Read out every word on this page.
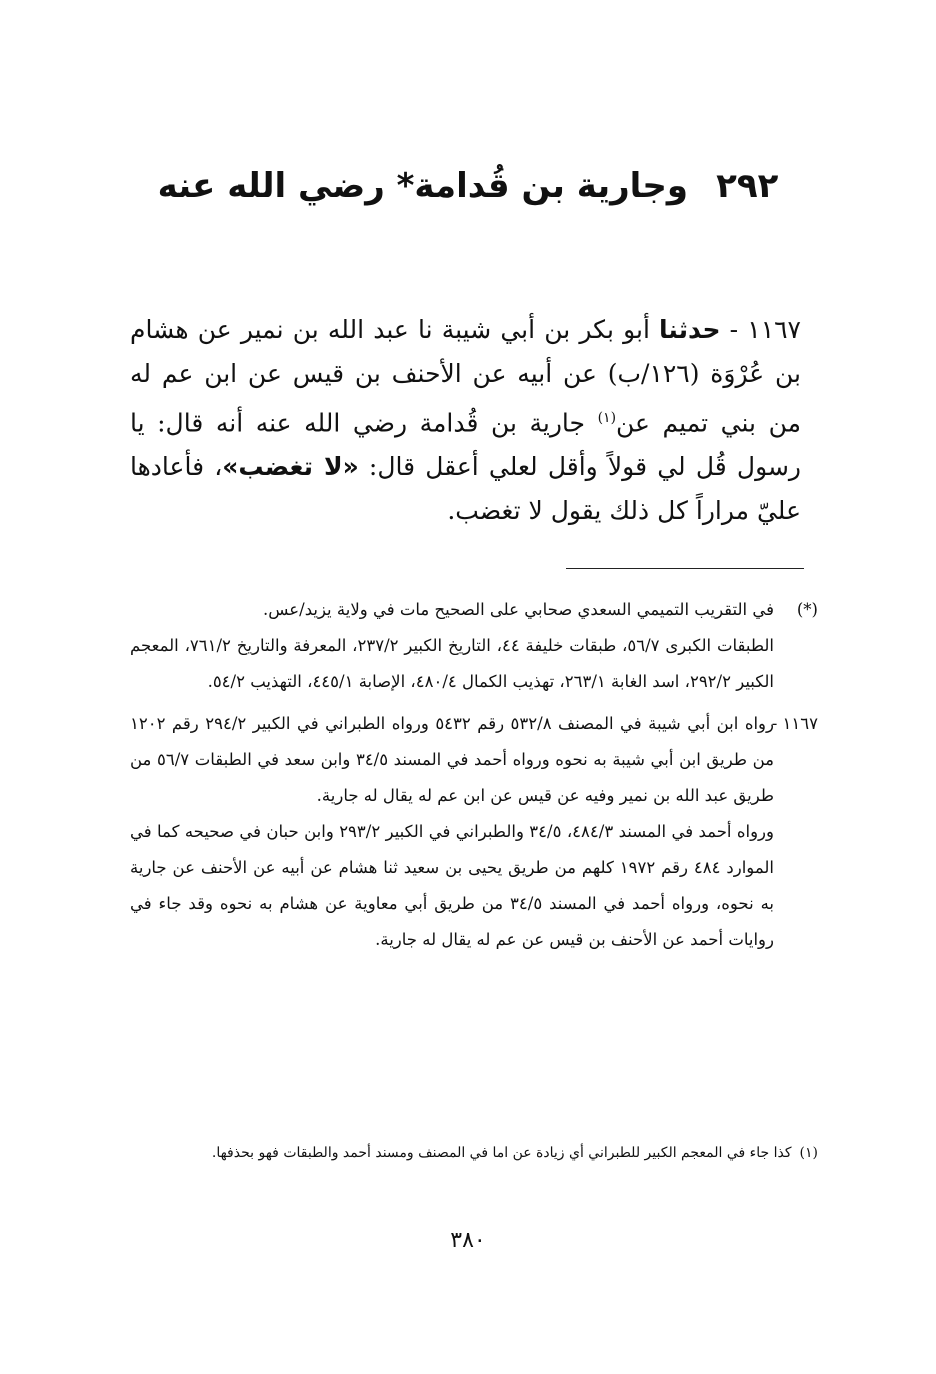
٢٩٢وجارية بن قُدامة* رضي الله عنه
١١٦٧ - حدثنا أبو بكر بن أبي شيبة نا عبد الله بن نمير عن هشام بن عُرْوَة (١٢٦/ب) عن أبيه عن الأحنف بن قيس عن ابن عم له من بني تميم عن$^{(١)}$ جارية بن قُدامة رضي الله عنه أنه قال: يا رسول قُل لي قولاً وأقل لعلي أعقل قال: «لا تغضب»، فأعادها عليّ مراراً كل ذلك يقول لا تغضب.
(*)

في التقريب التميمي السعدي صحابي على الصحيح مات في ولاية يزيد/عس.

الطبقات الكبرى ٥٦/٧، طبقات خليفة ٤٤، التاريخ الكبير ٢٣٧/٢، المعرفة والتاريخ ٧٦١/٢، المعجم الكبير ٢٩٢/٢، اسد الغابة ٢٦٣/١، تهذيب الكمال ٤٨٠/٤، الإصابة ٤٤٥/١، التهذيب ٥٤/٢.

١١٦٧ -

رواه ابن أبي شيبة في المصنف ٥٣٢/٨ رقم ٥٤٣٢ ورواه الطبراني في الكبير ٢٩٤/٢ رقم ١٢٠٢ من طريق ابن أبي شيبة به نحوه ورواه أحمد في المسند ٣٤/٥ وابن سعد في الطبقات ٥٦/٧ من طريق عبد الله بن نمير وفيه عن قيس عن ابن عم له يقال له جارية.

ورواه أحمد في المسند ٤٨٤/٣، ٣٤/٥ والطبراني في الكبير ٢٩٣/٢ وابن حبان في صحيحه كما في الموارد ٤٨٤ رقم ١٩٧٢ كلهم من طريق يحيى بن سعيد ثنا هشام عن أبيه عن الأحنف عن جارية به نحوه، ورواه أحمد في المسند ٣٤/٥ من طريق أبي معاوية عن هشام به نحوه وقد جاء في روايات أحمد عن الأحنف بن قيس عن عم له يقال له جارية.

(١)كذا جاء في المعجم الكبير للطبراني أي زيادة عن اما في المصنف ومسند أحمد والطبقات فهو بحذفها.
٣٨٠
